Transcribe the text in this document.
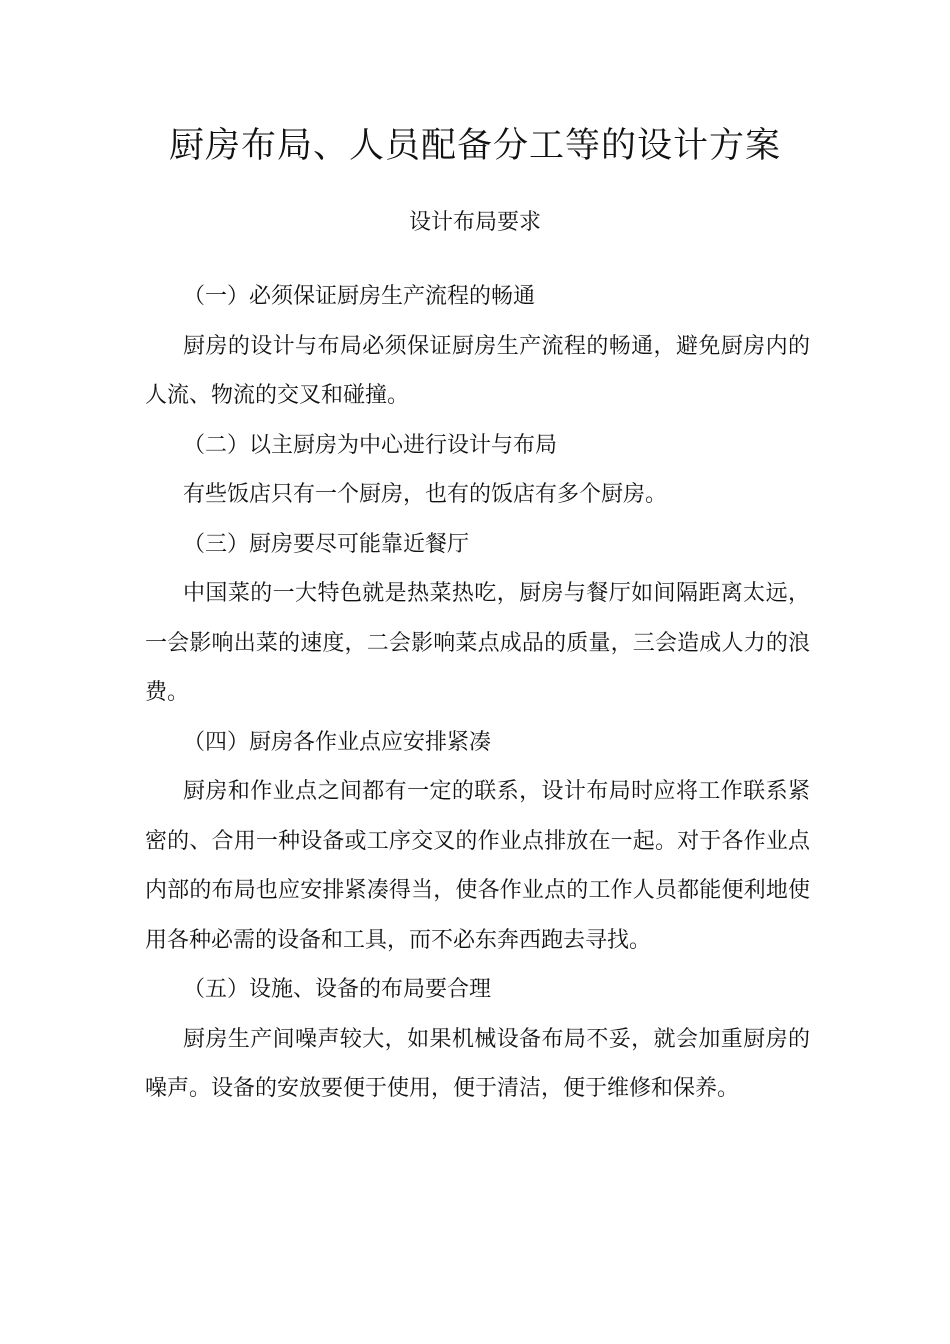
厨房布局、人员配备分工等的设计方案
设计布局要求

（一）必须保证厨房生产流程的畅通

厨房的设计与布局必须保证厨房生产流程的畅通，避免厨房内的人流、物流的交叉和碰撞。

（二）以主厨房为中心进行设计与布局

有些饭店只有一个厨房，也有的饭店有多个厨房。

（三）厨房要尽可能靠近餐厅

中国菜的一大特色就是热菜热吃，厨房与餐厅如间隔距离太远，一会影响出菜的速度，二会影响菜点成品的质量，三会造成人力的浪费。

（四）厨房各作业点应安排紧凑

厨房和作业点之间都有一定的联系，设计布局时应将工作联系紧密的、合用一种设备或工序交叉的作业点排放在一起。对于各作业点内部的布局也应安排紧凑得当，使各作业点的工作人员都能便利地使用各种必需的设备和工具，而不必东奔西跑去寻找。

（五）设施、设备的布局要合理

厨房生产间噪声较大，如果机械设备布局不妥，就会加重厨房的噪声。设备的安放要便于使用，便于清洁，便于维修和保养。
